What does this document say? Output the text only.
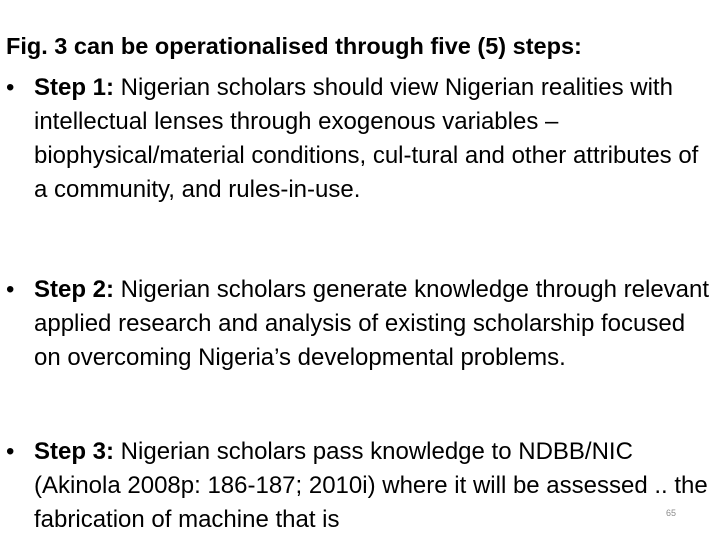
Fig. 3 can be operationalised through five (5) steps:
• Step 1: Nigerian scholars should view Nigerian realities with intellectual lenses through exogenous variables – biophysical/material conditions, cul-tural and other attributes of a community, and rules-in-use.
• Step 2: Nigerian scholars generate knowledge through relevant applied research and analysis of existing scholarship focused on overcoming Nigeria’s developmental problems.
• Step 3: Nigerian scholars pass knowledge to NDBB/NIC (Akinola 2008p: 186-187; 2010i) where it will be assessed .. the fabrication of machine that is	65
